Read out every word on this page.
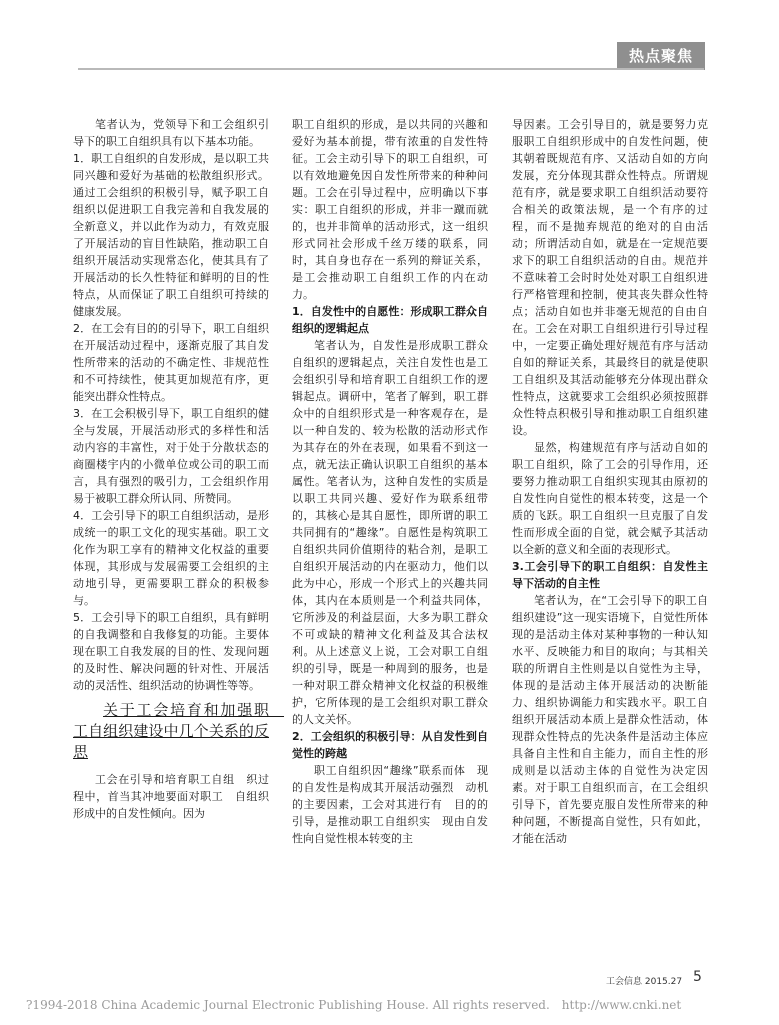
热点聚焦

笔者认为，党领导下和工会组织引导下的职工自组织具有以下基本功能。

1．职工自组织的自发形成，是以职工共同兴趣和爱好为基础的松散组织形式。通过工会组织的积极引导，赋予职工自组织以促进职工自我完善和自我发展的全新意义，并以此作为动力，有效克服了开展活动的盲目性缺陷，推动职工自组织开展活动实现常态化，使其具有了开展活动的长久性特征和鲜明的目的性特点，从而保证了职工自组织可持续的健康发展。

2．在工会有目的的引导下，职工自组织在开展活动过程中，逐渐克服了其自发性所带来的活动的不确定性、非规范性和不可持续性，使其更加规范有序，更能突出群众性特点。

3．在工会积极引导下，职工自组织的健全与发展，开展活动形式的多样性和活动内容的丰富性，对于处于分散状态的商圈楼宇内的小微单位或公司的职工而言，具有强烈的吸引力，工会组织作用易于被职工群众所认同、所赞同。

4．工会引导下的职工自组织活动，是形成统一的职工文化的现实基础。职工文化作为职工享有的精神文化权益的重要体现，其形成与发展需要工会组织的主动地引导，更需要职工群众的积极参与。

5．工会引导下的职工自组织，具有鲜明的自我调整和自我修复的功能。主要体现在职工自我发展的目的性、发现问题的及时性、解决问题的针对性、开展活动的灵活性、组织活动的协调性等等。

关于工会培育和加强职　工自组织建设中几个关系的反思

工会在引导和培育职工自组　织过程中，首当其冲地要面对职工　自组织形成中的自发性倾向。因为

职工自组织的形成，是以共同的兴趣和爱好为基本前提，带有浓重的自发性特征。工会主动引导下的职工自组织，可以有效地避免因自发性所带来的种种问题。工会在引导过程中，应明确以下事实：职工自组织的形成，并非一蹴而就的，也并非简单的活动形式，这一组织形式同社会形成千丝万缕的联系，同时，其自身也存在一系列的辩证关系，是工会推动职工自组织工作的内在动力。

1．自发性中的自愿性：形成职工群众自组织的逻辑起点

笔者认为，自发性是形成职工群众自组织的逻辑起点，关注自发性也是工会组织引导和培育职工自组织工作的逻辑起点。调研中，笔者了解到，职工群众中的自组织形式是一种客观存在，是以一种自发的、较为松散的活动形式作为其存在的外在表现，如果看不到这一点，就无法正确认识职工自组织的基本属性。笔者认为，这种自发性的实质是以职工共同兴趣、爱好作为联系纽带的，其核心是其自愿性，即所谓的职工共同拥有的“趣缘”。自愿性是构筑职工自组织共同价值期待的粘合剂，是职工自组织开展活动的内在驱动力，他们以此为中心，形成一个形式上的兴趣共同体，其内在本质则是一个利益共同体，它所涉及的利益层面，大多为职工群众不可或缺的精神文化利益及其合法权利。从上述意义上说，工会对职工自组织的引导，既是一种周到的服务，也是一种对职工群众精神文化权益的积极维护，它所体现的是工会组织对职工群众的人文关怀。

2．工会组织的积极引导：从自发性到自觉性的跨越

职工自组织因“趣缘”联系而体　现的自发性是构成其开展活动强烈　动机的主要因素，工会对其进行有　目的的引导，是推动职工自组织实　现由自发性向自觉性根本转变的主

导因素。工会引导目的，就是要努力克服职工自组织形成中的自发性问题，使其朝着既规范有序、又活动自如的方向发展，充分体现其群众性特点。所谓规范有序，就是要求职工自组织活动要符合相关的政策法规，是一个有序的过程，而不是抛弃规范的绝对的自由活动；所谓活动自如，就是在一定规范要求下的职工自组织活动的自由。规范并不意味着工会时时处处对职工自组织进行严格管理和控制，使其丧失群众性特点；活动自如也并非毫无规范的自由自在。工会在对职工自组织进行引导过程中，一定要正确处理好规范有序与活动自如的辩证关系，其最终目的就是使职工自组织及其活动能够充分体现出群众性特点，这就要求工会组织必须按照群众性特点积极引导和推动职工自组织建设。

显然，构建规范有序与活动自如的职工自组织，除了工会的引导作用，还要努力推动职工自组织实现其由原初的自发性向自觉性的根本转变，这是一个质的飞跃。职工自组织一旦克服了自发性而形成全面的自觉，就会赋予其活动以全新的意义和全面的表现形式。

3.工会引导下的职工自组织：自发性主导下活动的自主性

笔者认为，在“工会引导下的职工自组织建设”这一现实语境下，自觉性所体现的是活动主体对某种事物的一种认知水平、反映能力和目的取向；与其相关联的所谓自主性则是以自觉性为主导，体现的是活动主体开展活动的决断能力、组织协调能力和实践水平。职工自组织开展活动本质上是群众性活动，体现群众性特点的先决条件是活动主体应具备自主性和自主能力，而自主性的形成则是以活动主体的自觉性为决定因素。对于职工自组织而言，在工会组织引导下，首先要克服自发性所带来的种种问题，不断提高自觉性，只有如此，才能在活动

工会信息 2015.27 5
?1994-2018 China Academic Journal Electronic Publishing House. All rights reserved.　http://www.cnki.net
